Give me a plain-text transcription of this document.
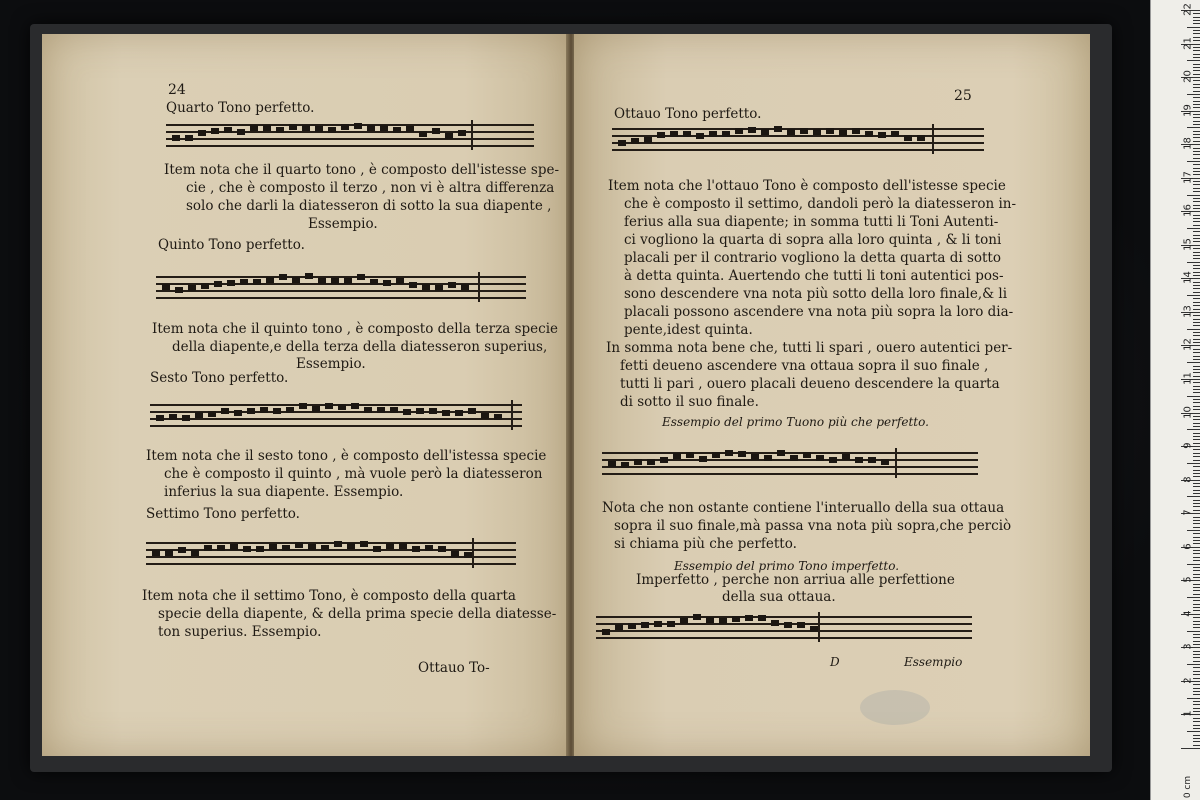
24
Quarto Tono perfetto.
Item nota che il quarto tono , è composto dell'istesse spe-
cie , che è composto il terzo , non vi è altra differenza
solo che darli la diatesseron di sotto la sua diapente ,
Essempio.
Quinto Tono perfetto.
Item nota che il quinto tono , è composto della terza specie
della diapente,e della terza della diatesseron superius,
Essempio.
Sesto Tono perfetto.
Item nota che il sesto tono , è composto dell'istessa specie
che è composto il quinto , mà vuole però la diatesseron
inferius la sua diapente. Essempio.
Settimo Tono perfetto.
Item nota che il settimo Tono, è composto della quarta
specie della diapente, & della prima specie della diatesse-
ton superius. Essempio.
Ottauo To-
25
Ottauo Tono perfetto.
Item nota che l'ottauo Tono è composto dell'istesse specie
che è composto il settimo, dandoli però la diatesseron in-
ferius alla sua diapente; in somma tutti li Toni Autenti-
ci vogliono la quarta di sopra alla loro quinta , & li toni
placali per il contrario vogliono la detta quarta di sotto
à detta quinta. Auertendo che tutti li toni autentici pos-
sono descendere vna nota più sotto della loro finale,& li
placali possono ascendere vna nota più sopra la loro dia-
pente,idest quinta.
In somma nota bene che, tutti li spari , ouero autentici per-
fetti deueno ascendere vna ottaua sopra il suo finale ,
tutti li pari , ouero placali deueno descendere la quarta
di sotto il suo finale.
Essempio del primo Tuono più che perfetto.
Nota che non ostante contiene l'interuallo della sua ottaua
sopra il suo finale,mà passa vna nota più sopra,che perciò
si chiama più che perfetto.
Essempio del primo Tono imperfetto.
Imperfetto , perche non arriua alle perfettione
della sua ottaua.
D	Essempio
0 cm
1
2
3
4
5
6
7
8
9
10
11
12
13
14
15
16
17
18
19
20
21
22
